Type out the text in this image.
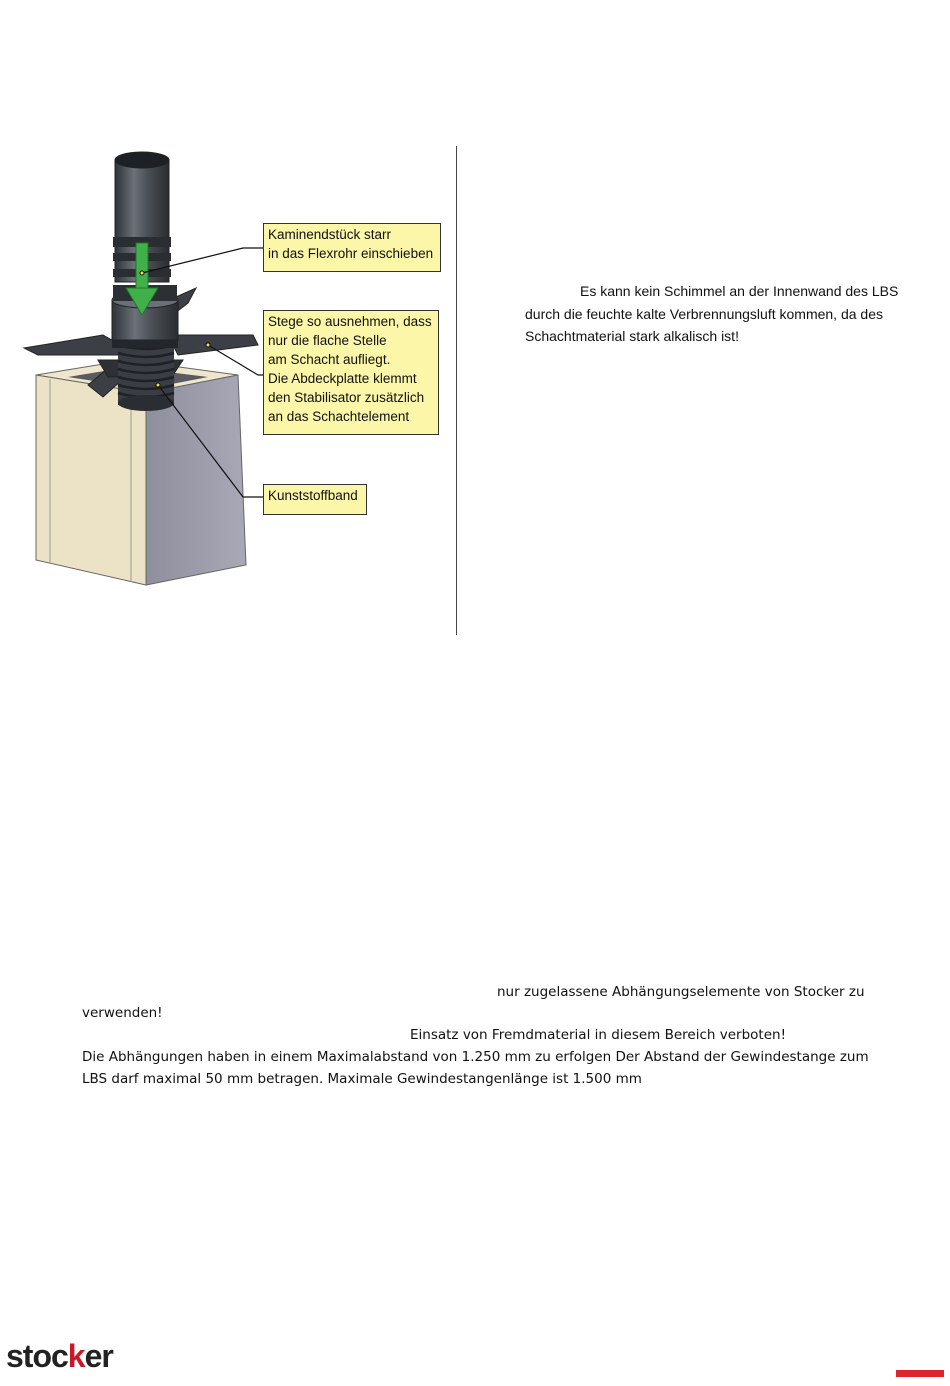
Kaminendstück starr
in das Flexrohr einschieben
Stege so ausnehmen, dass
nur die flache Stelle
am Schacht aufliegt.
Die Abdeckplatte klemmt
den Stabilisator zusätzlich
an das Schachtelement
Kunststoffband
Es kann kein Schimmel an der Innenwand des LBS
durch die feuchte kalte Verbrennungsluft kommen, da des
Schachtmaterial stark alkalisch ist!
nur zugelassene Abhängungselemente von Stocker zu
verwenden!
Einsatz von Fremdmaterial in diesem Bereich verboten!
Die Abhängungen haben in einem Maximalabstand von 1.250 mm zu erfolgen Der Abstand der Gewindestange zum
LBS darf maximal 50 mm betragen. Maximale Gewindestangenlänge ist 1.500 mm
stocker
